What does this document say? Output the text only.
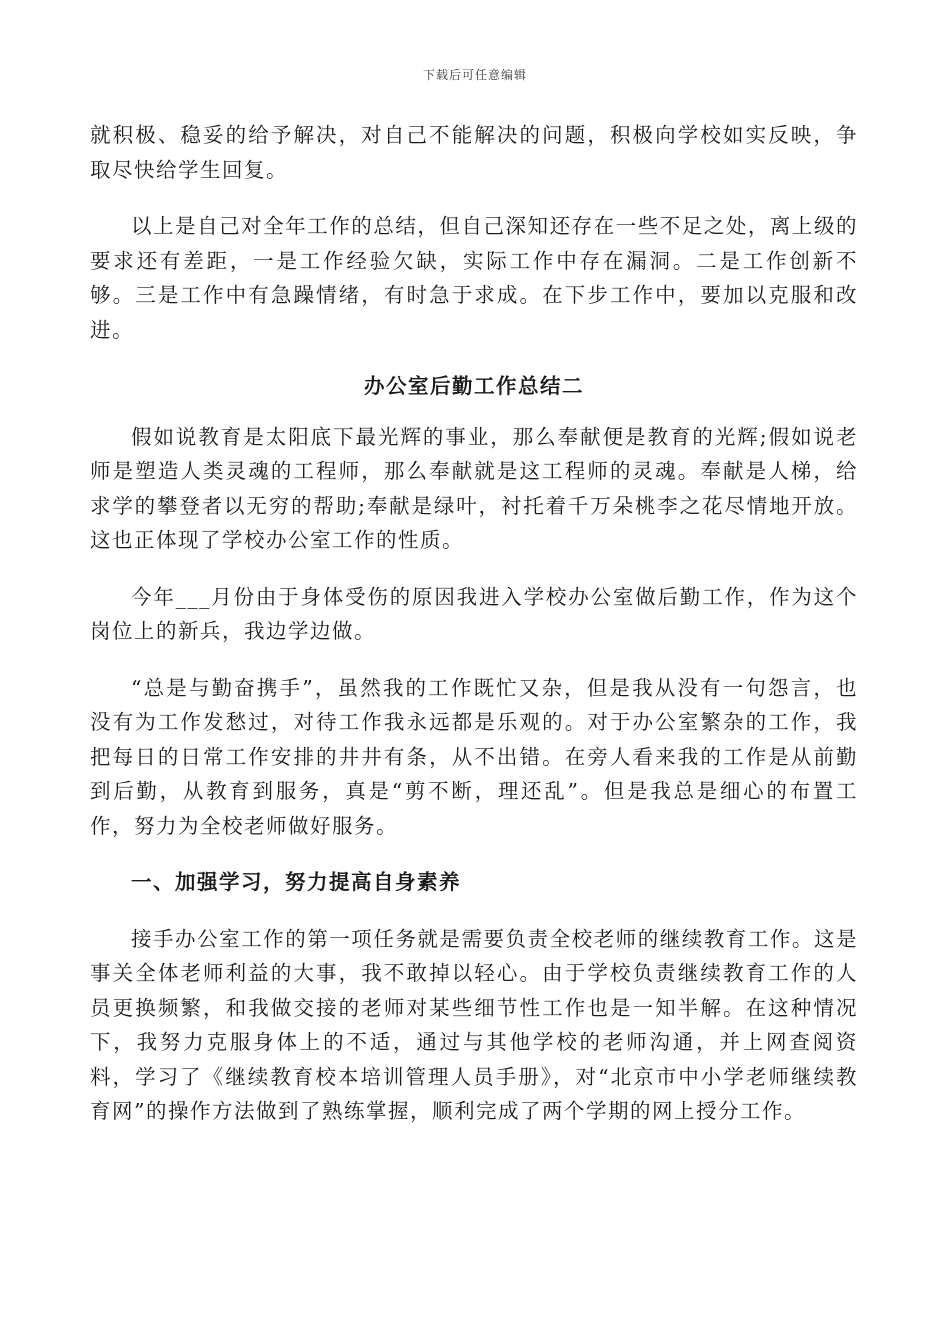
下载后可任意编辑

就积极、稳妥的给予解决，对自己不能解决的问题，积极向学校如实反映，争取尽快给学生回复。

以上是自己对全年工作的总结，但自己深知还存在一些不足之处，离上级的要求还有差距，一是工作经验欠缺，实际工作中存在漏洞。二是工作创新不够。三是工作中有急躁情绪，有时急于求成。在下步工作中，要加以克服和改进。

办公室后勤工作总结二

假如说教育是太阳底下最光辉的事业，那么奉献便是教育的光辉;假如说老师是塑造人类灵魂的工程师，那么奉献就是这工程师的灵魂。奉献是人梯，给求学的攀登者以无穷的帮助;奉献是绿叶，衬托着千万朵桃李之花尽情地开放。这也正体现了学校办公室工作的性质。

今年___月份由于身体受伤的原因我进入学校办公室做后勤工作，作为这个岗位上的新兵，我边学边做。

“总是与勤奋携手”，虽然我的工作既忙又杂，但是我从没有一句怨言，也没有为工作发愁过，对待工作我永远都是乐观的。对于办公室繁杂的工作，我把每日的日常工作安排的井井有条，从不出错。在旁人看来我的工作是从前勤到后勤，从教育到服务，真是“剪不断，理还乱”。但是我总是细心的布置工作，努力为全校老师做好服务。

一、加强学习，努力提高自身素养

接手办公室工作的第一项任务就是需要负责全校老师的继续教育工作。这是事关全体老师利益的大事，我不敢掉以轻心。由于学校负责继续教育工作的人员更换频繁，和我做交接的老师对某些细节性工作也是一知半解。在这种情况下，我努力克服身体上的不适，通过与其他学校的老师沟通，并上网查阅资料，学习了《继续教育校本培训管理人员手册》，对“北京市中小学老师继续教育网”的操作方法做到了熟练掌握，顺利完成了两个学期的网上授分工作。
